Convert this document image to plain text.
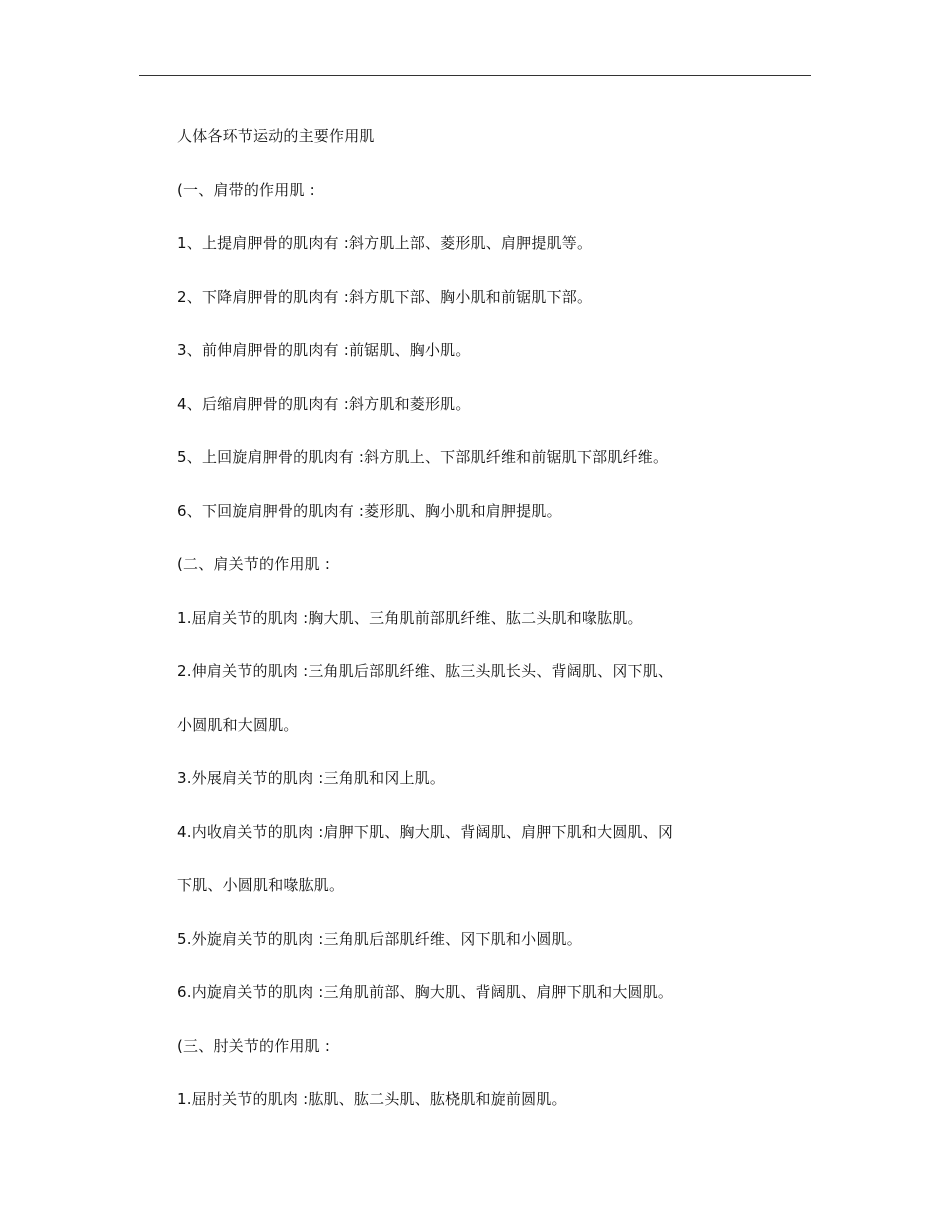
人体各环节运动的主要作用肌

(一、肩带的作用肌 :

1、上提肩胛骨的肌肉有 :斜方肌上部、菱形肌、肩胛提肌等。

2、下降肩胛骨的肌肉有 :斜方肌下部、胸小肌和前锯肌下部。

3、前伸肩胛骨的肌肉有 :前锯肌、胸小肌。

4、后缩肩胛骨的肌肉有 :斜方肌和菱形肌。

5、上回旋肩胛骨的肌肉有 :斜方肌上、下部肌纤维和前锯肌下部肌纤维。

6、下回旋肩胛骨的肌肉有 :菱形肌、胸小肌和肩胛提肌。

(二、肩关节的作用肌 :

1.屈肩关节的肌肉 :胸大肌、三角肌前部肌纤维、肱二头肌和喙肱肌。

2.伸肩关节的肌肉 :三角肌后部肌纤维、肱三头肌长头、背阔肌、冈下肌、

小圆肌和大圆肌。

3.外展肩关节的肌肉 :三角肌和冈上肌。

4.内收肩关节的肌肉 :肩胛下肌、胸大肌、背阔肌、肩胛下肌和大圆肌、冈

下肌、小圆肌和喙肱肌。

5.外旋肩关节的肌肉 :三角肌后部肌纤维、冈下肌和小圆肌。

6.内旋肩关节的肌肉 :三角肌前部、胸大肌、背阔肌、肩胛下肌和大圆肌。

(三、肘关节的作用肌 :

1.屈肘关节的肌肉 :肱肌、肱二头肌、肱桡肌和旋前圆肌。
